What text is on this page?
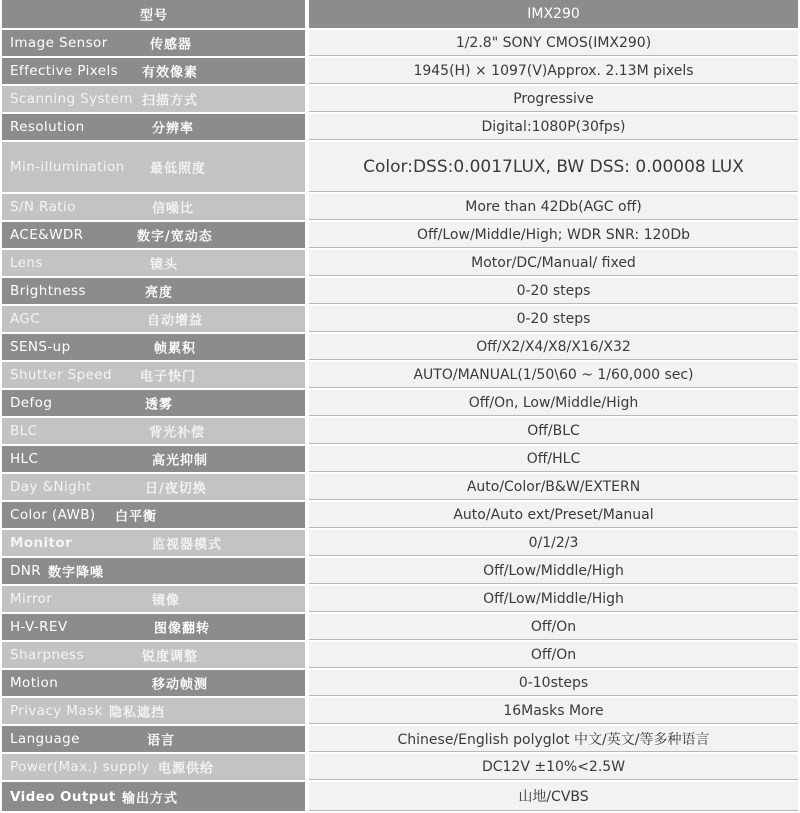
型号	IMX290
Image Sensor	传感器	1/2.8" SONY CMOS(IMX290)
Effective Pixels 有效像素	1945(H) × 1097(V)Approx. 2.13M pixels
Scanning System 扫描方式	Progressive
Resolution	分辨率	Digital:1080P(30fps)
Min-illumination 最低照度	Color:DSS:0.0017LUX, BW DSS: 0.00008 LUX
S/N Ratio	信噪比	More than 42Db(AGC off)
ACE&WDR	数字/宽动态	Off/Low/Middle/High; WDR SNR: 120Db
Lens	镜头	Motor/DC/Manual/ fixed
Brightness	亮度	0-20 steps
AGC	自动增益	0-20 steps
SENS-up	帧累积	Off/X2/X4/X8/X16/X32
Shutter Speed 电子快门	AUTO/MANUAL(1/50\60 ~ 1/60,000 sec)
Defog	透雾	Off/On, Low/Middle/High
BLC	背光补偿	Off/BLC
HLC	高光抑制	Off/HLC
Day &Night	日/夜切换	Auto/Color/B&W/EXTERN
Color (AWB) 白平衡	Auto/Auto ext/Preset/Manual
Monitor	监视器模式	0/1/2/3
DNR 数字降噪	Off/Low/Middle/High
Mirror	镜像	Off/Low/Middle/High
H-V-REV	图像翻转	Off/On
Sharpness	锐度调整	Off/On
Motion	移动帧测	0-10steps
Privacy Mask 隐私遮挡	16Masks More
Language	语言	Chinese/English polyglot 中文/英文/等多种语言
Power(Max.) supply 电源供给	DC12V ±10%<2.5W
Video Output 输出方式	山地/CVBS
